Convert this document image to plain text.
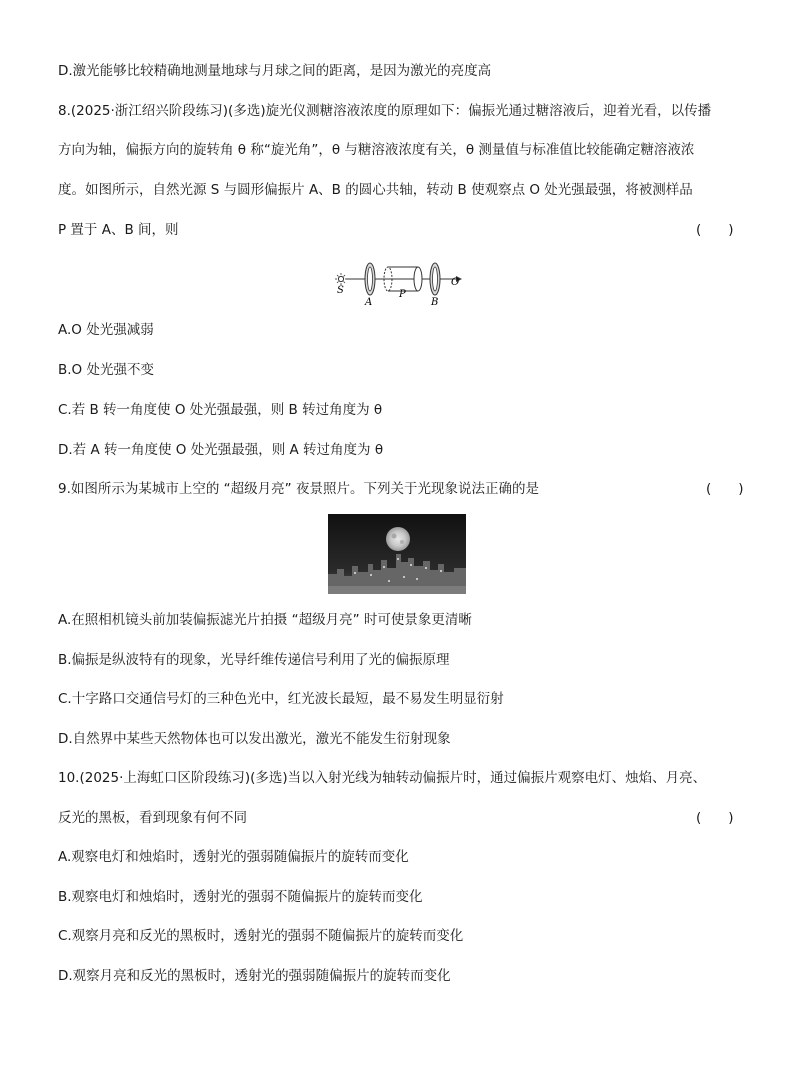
D.激光能够比较精确地测量地球与月球之间的距离，是因为激光的亮度高
8.(2025·浙江绍兴阶段练习)(多选)旋光仪测糖溶液浓度的原理如下：偏振光通过糖溶液后，迎着光看，以传播
方向为轴，偏振方向的旋转角 θ 称“旋光角”，θ 与糖溶液浓度有关，θ 测量值与标准值比较能确定糖溶液浓
度。如图所示，自然光源 S 与圆形偏振片 A、B 的圆心共轴，转动 B 使观察点 O 处光强最强，将被测样品
P 置于 A、B 间，则	(　　)
S
A
P
B
O
A.O 处光强减弱
B.O 处光强不变
C.若 B 转一角度使 O 处光强最强，则 B 转过角度为 θ
D.若 A 转一角度使 O 处光强最强，则 A 转过角度为 θ
9.如图所示为某城市上空的 “超级月亮” 夜景照片。下列关于光现象说法正确的是	(　　)
A.在照相机镜头前加装偏振滤光片拍摄 “超级月亮” 时可使景象更清晰
B.偏振是纵波特有的现象，光导纤维传递信号利用了光的偏振原理
C.十字路口交通信号灯的三种色光中，红光波长最短，最不易发生明显衍射
D.自然界中某些天然物体也可以发出激光，激光不能发生衍射现象
10.(2025·上海虹口区阶段练习)(多选)当以入射光线为轴转动偏振片时，通过偏振片观察电灯、烛焰、月亮、
反光的黑板，看到现象有何不同	(　　)
A.观察电灯和烛焰时，透射光的强弱随偏振片的旋转而变化
B.观察电灯和烛焰时，透射光的强弱不随偏振片的旋转而变化
C.观察月亮和反光的黑板时，透射光的强弱不随偏振片的旋转而变化
D.观察月亮和反光的黑板时，透射光的强弱随偏振片的旋转而变化
